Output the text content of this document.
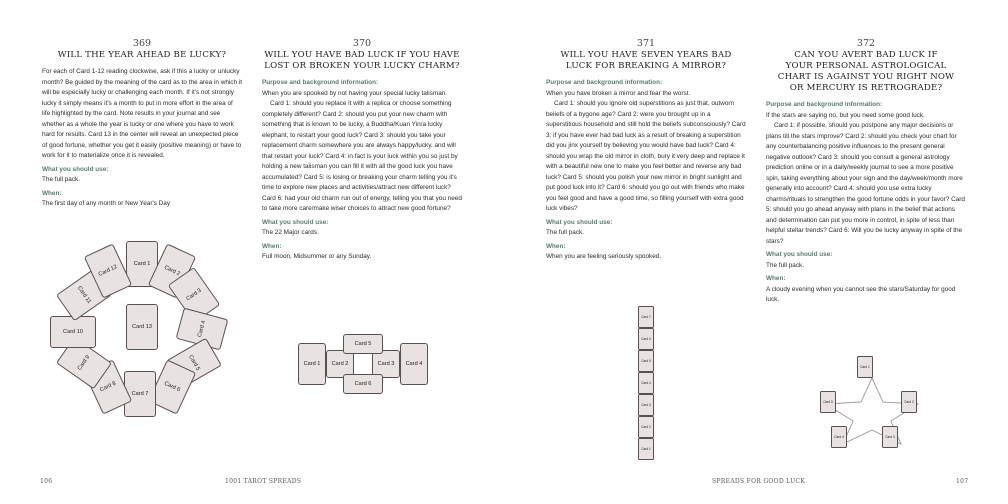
369
WILL THE YEAR AHEAD BE LUCKY?

For each of Card 1-12 reading clockwise, ask if this a lucky or unlucky month? Be guided by the meaning of the card as to the area in which it will be especially lucky or challenging each month. If it's not strongly lucky it simply means it's a month to put in more effort in the area of life highlighted by the card. Note results in your journal and see whether as a whole the year is lucky or one where you have to work hard for results. Card 13 in the center will reveal an unexpected piece of good fortune, whether you get it easily (positive meaning) or have to work for it to materialize once it is revealed.

What you should use:
The full pack.
When:
The first day of any month or New Year's Day
Card 1
Card 2
Card 3
Card 4
Card 5
Card 6
Card 7
Card 8
Card 9
Card 10
Card 11
Card 12
Card 13
370
WILL YOU HAVE BAD LUCK IF YOU HAVE
LOST OR BROKEN YOUR LUCKY CHARM?
Purpose and background information:
When you are spooked by not having your special lucky talisman.

Card 1: should you replace it with a replica or choose something completely different? Card 2: should you put your new charm with something that is known to be lucky, a Buddha/Kuan Yin/a lucky elephant, to restart your good luck? Card 3: should you take your replacement charm somewhere you are always happy/lucky, and will that restart your luck? Card 4: in fact is your luck within you so just by holding a new talisman you can fill it with all the good luck you have accumulated? Card 5: is losing or breaking your charm telling you it's time to explore new places and activities/attract new different luck? Card 6: had your old charm run out of energy, telling you that you need to take more care/make wiser choices to attract new good fortune?

What you should use:
The 22 Major cards.
When:
Full moon, Midsummer or any Sunday.
Card 1 Card 2	Card 3 Card 4
Card 5
Card 6
106	1001 TAROT SPREADS
371
WILL YOU HAVE SEVEN YEARS BAD
LUCK FOR BREAKING A MIRROR?
Purpose and background information:
When you have broken a mirror and fear the worst.

Card 1: should you ignore old superstitions as just that, outworn beliefs of a bygone age? Card 2: were you brought up in a superstitious household and still hold the beliefs subconsciously? Card 3: if you have ever had bad luck as a result of breaking a superstition did you jinx yourself by believing you would have bad luck? Card 4: should you wrap the old mirror in cloth, bury it very deep and replace it with a beautiful new one to make you feel better and reverse any bad luck? Card 5: should you polish your new mirror in bright sunlight and put good luck into it? Card 6: should you go out with friends who make you feel good and have a good time, so filling yourself with extra good luck vibes?

What you should use:
The full pack.
When:
When you are feeling seriously spooked.
Card 7
Card 6
Card 5
Card 4
Card 3
Card 2
Card 1
372
CAN YOU AVERT BAD LUCK IF
YOUR PERSONAL ASTROLOGICAL
CHART IS AGAINST YOU RIGHT NOW
OR MERCURY IS RETROGRADE?
Purpose and background information:
If the stars are saying no, but you need some good luck.

Card 1: if possible, should you postpone any major decisions or plans till the stars improve? Card 2: should you check your chart for any counterbalancing positive influences to the present general negative outlook? Card 3: should you consult a general astrology prediction online or in a daily/weekly journal to see a more positive spin, taking everything about your sign and the day/week/month more generally into account? Card 4: should you use extra lucky charms/rituals to strengthen the good fortune odds in your favor? Card 5: should you go ahead anyway with plans in the belief that actions and determination can put you more in control, in spite of less than helpful stellar trends? Card 6: Will you be lucky anyway in spite of the stars?

What you should use:
The full pack.
When:
A cloudy evening when you cannot see the stars/Saturday for good luck.
Card 1
Card 2
Card 3
Card 4
Card 5
SPREADS FOR GOOD LUCK	107
